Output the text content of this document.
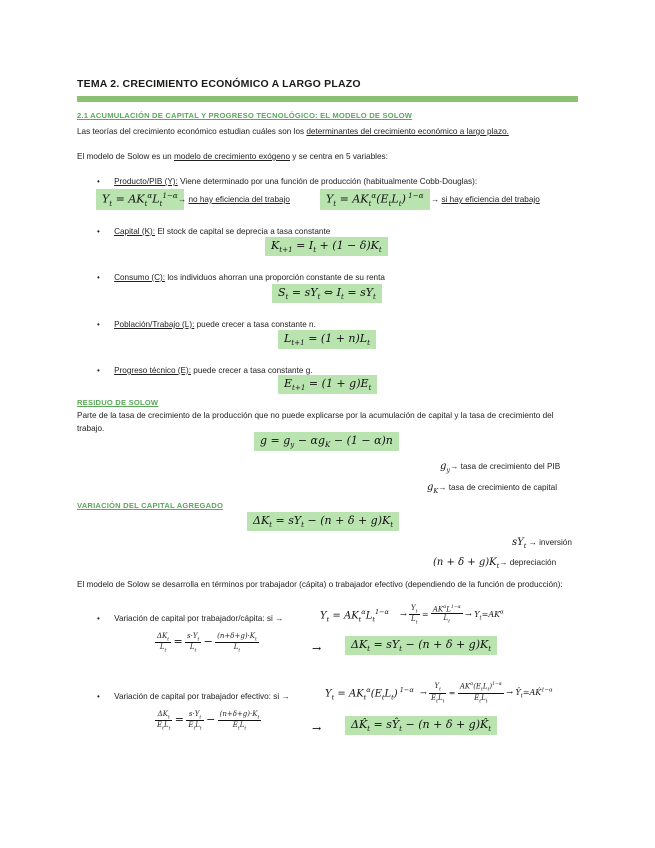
TEMA 2. CRECIMIENTO ECONÓMICO A LARGO PLAZO
2.1 ACUMULACIÓN DE CAPITAL Y PROGRESO TECNOLÓGICO: EL MODELO DE SOLOW
Las teorías del crecimiento económico estudian cuáles son los determinantes del crecimiento económico a largo plazo.
El modelo de Solow es un modelo de crecimiento exógeno y se centra en 5 variables:
• Producto/PIB (Y): Viene determinado por una función de producción (habitualmente Cobb-Douglas):
$Y_t = AK_t^\alpha L_t^{1-\alpha}$ → no hay eficiencia del trabajo	$Y_t = AK_t^\alpha(E_tL_t) ^{1-\alpha}$ → si hay eficiencia del trabajo
• Capital (K): El stock de capital se deprecia a tasa constante
$K_{t+1} = I_t + (1 - \delta)K_t$
• Consumo (C): los individuos ahorran una proporción constante de su renta
$S_t = sY_t$ ⇔ $I_t = sY_t$
• Población/Trabajo (L): puede crecer a tasa constante n.
$L_{t+1} = (1 + n)L_t$
• Progreso técnico (E): puede crecer a tasa constante g.
$E_{t+1} = (1 + g)E_t$
RESIDUO DE SOLOW
Parte de la tasa de crecimiento de la producción que no puede explicarse por la acumulación de capital y la tasa de crecimiento del trabajo.
$g = g_y - \alpha g_K - (1 - \alpha)n$
$g_y\to$ tasa de crecimiento del PIB
$g_K\to$ tasa de crecimiento de capital
VARIACIÓN DEL CAPITAL AGREGADO
$\Delta K_t = sY_t - (n + \delta + g)K_t$
$sY_t$ → inversión
$(n + \delta + g)K_t\to$ depreciación
El modelo de Solow se desarrolla en términos por trabajador (cápita) o trabajador efectivo (dependiendo de la función de producción):
• Variación de capital por trabajador/cápita: si →	$Y_t = AK_t^\alpha L_t^{1-\alpha} \to \frac{Y_t}{L_t} = \frac{AK^\alpha L^{1-\alpha}}{L_t} \to Y_t=AK^\alpha$
$\frac{\Delta K_t}{L_t} = \frac{s\cdot Y_t}{L_t} - \frac{(n+\delta+g)\cdot K_t}{L_t}$	→	$\Delta K_t = sY_t - (n + \delta + g)K_t$
• Variación de capital por trabajador efectivo: si →	$Y_t = AK_t^\alpha(E_tL_t) ^{1-\alpha} \to \frac{Y_t}{E_tL_t} = \frac{AK^\alpha(E_tL_t)^{1-\alpha}}{E_tL_t}$ → $Ŷ_t=AK̂^{1-\alpha}$
$\frac{\Delta K_t}{E_tL_t} = \frac{s\cdot Y_t}{E_tL_t} - \frac{(n+\delta+g)\cdot K_t}{E_tL_t}$	→	$\Delta K̂_t$ = $sŶ_t - (n + \delta$ + $g)K̂_t$
